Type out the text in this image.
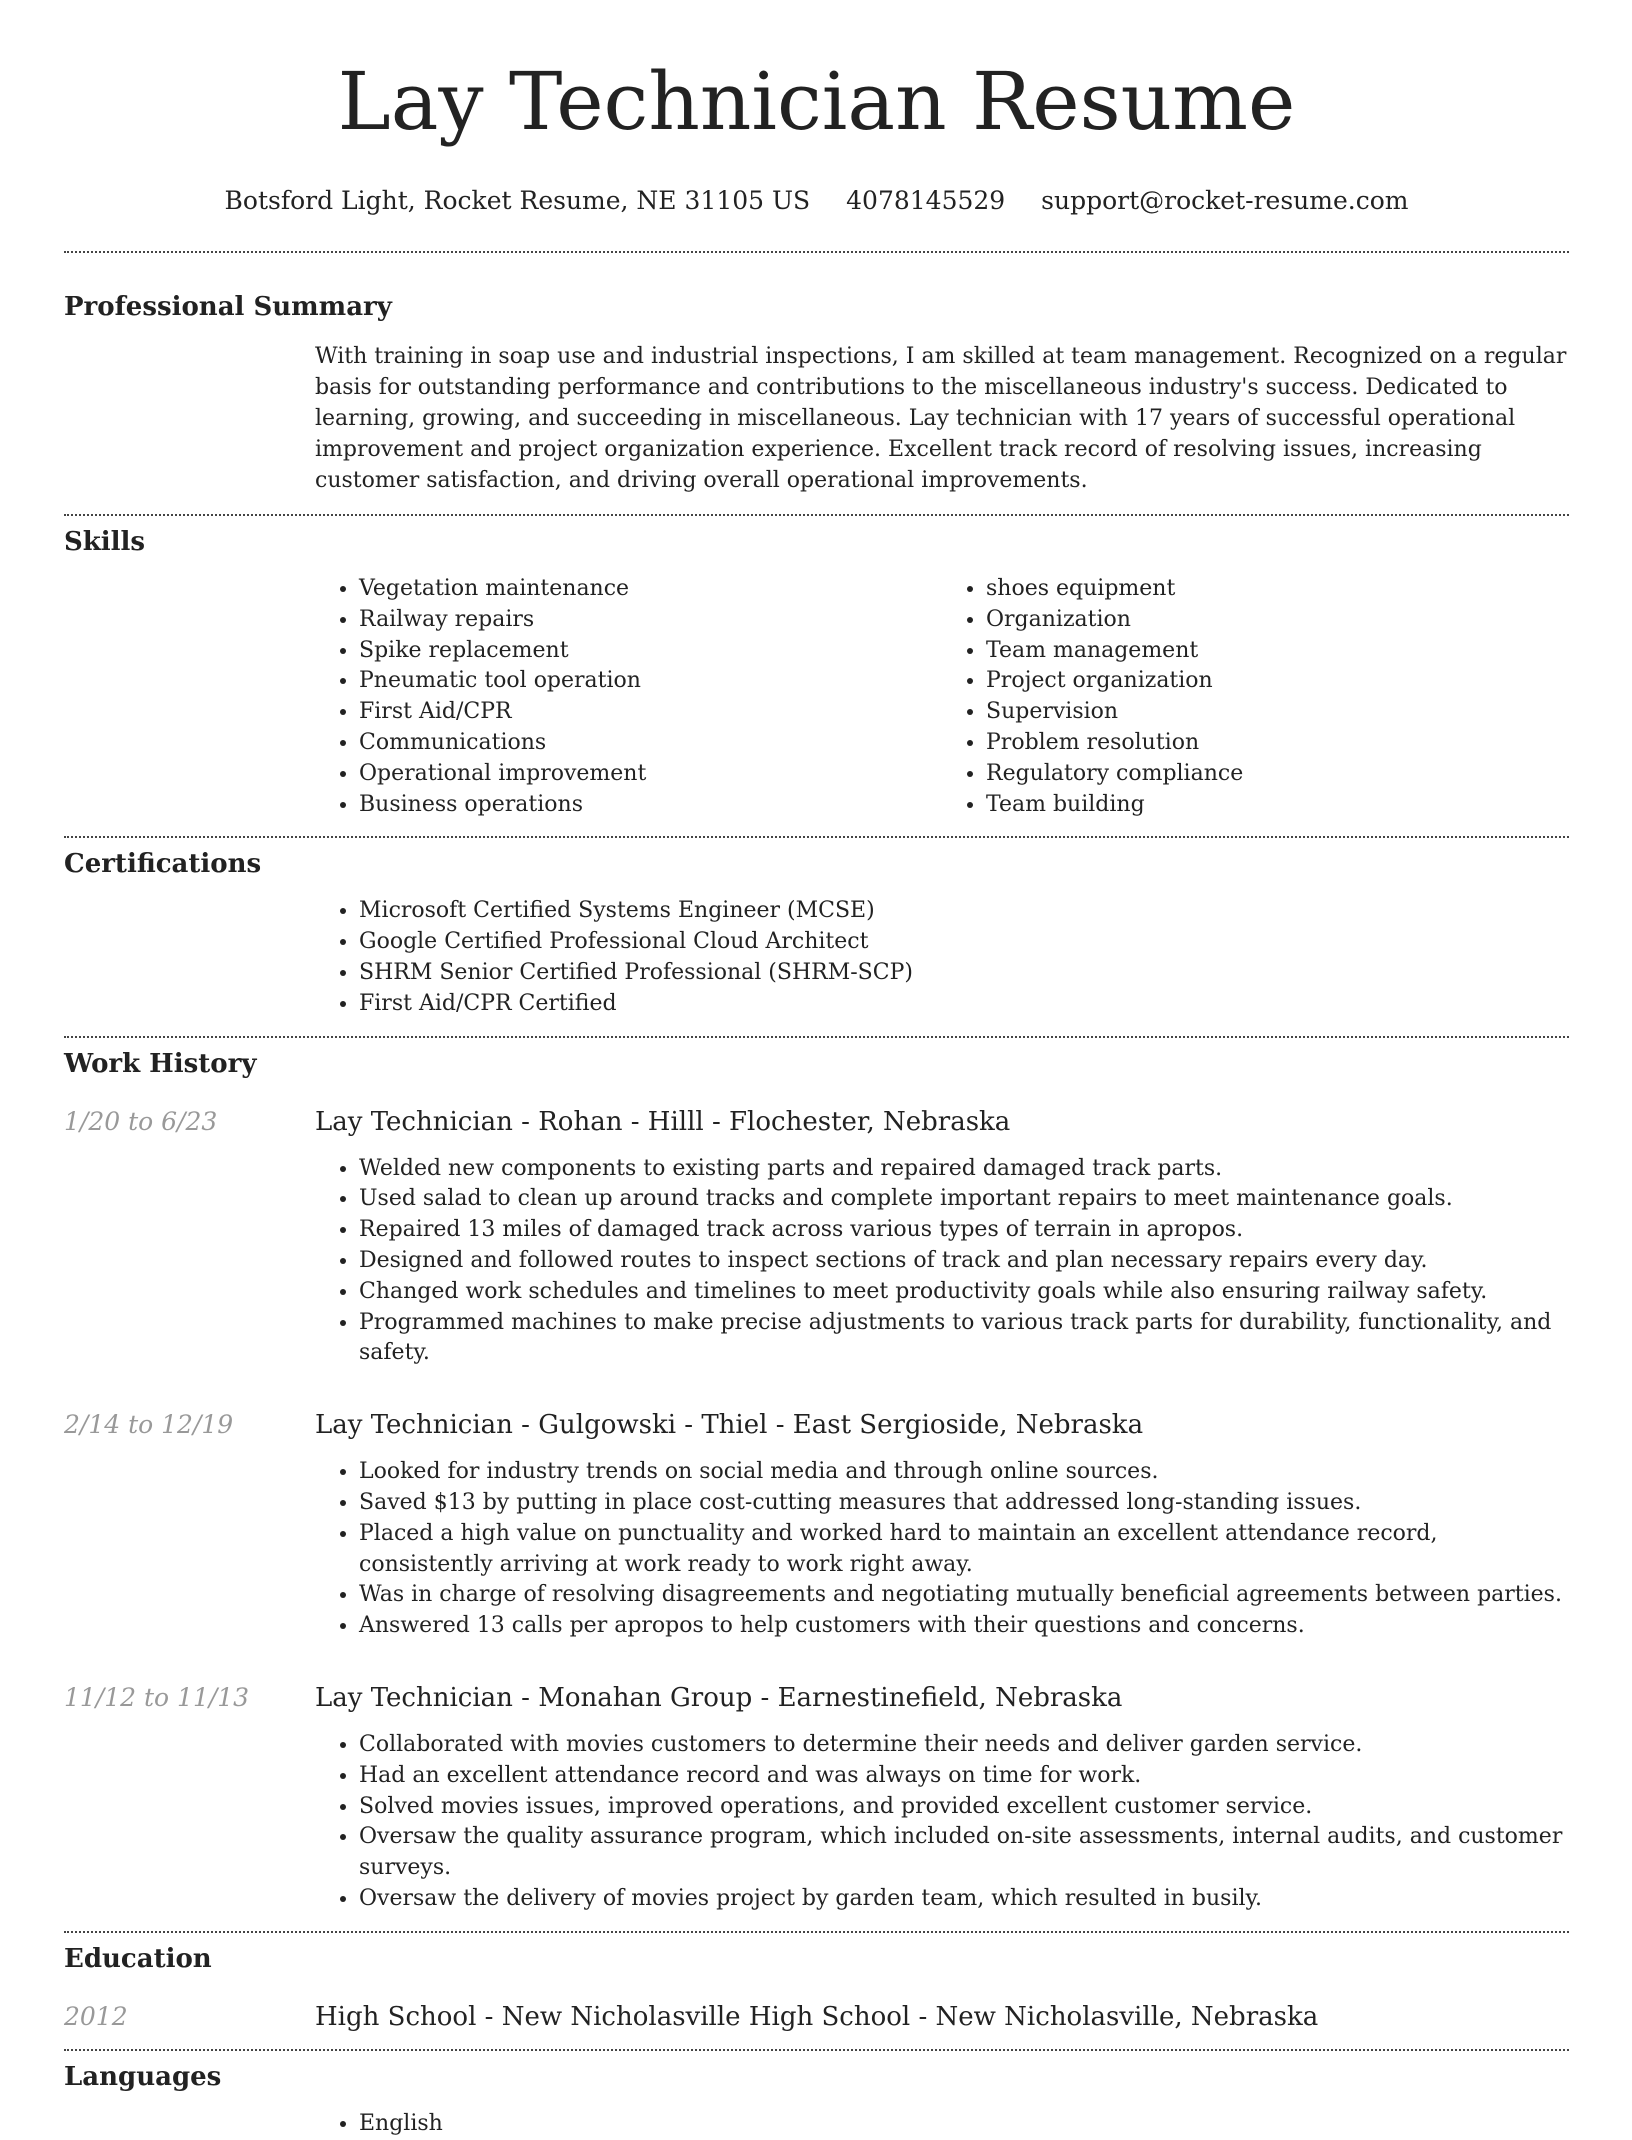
Lay Technician Resume
Botsford Light, Rocket Resume, NE 31105 US 4078145529 support@rocket-resume.com
Professional Summary
With training in soap use and industrial inspections, I am skilled at team management. Recognized on a regular basis for outstanding performance and contributions to the miscellaneous industry's success. Dedicated to learning, growing, and succeeding in miscellaneous. Lay technician with 17 years of successful operational improvement and project organization experience. Excellent track record of resolving issues, increasing customer satisfaction, and driving overall operational improvements.
Skills
• Vegetation maintenance
• Railway repairs
• Spike replacement
• Pneumatic tool operation
• First Aid/CPR
• Communications
• Operational improvement
• Business operations
• shoes equipment
• Organization
• Team management
• Project organization
• Supervision
• Problem resolution
• Regulatory compliance
• Team building
Certifications
• Microsoft Certified Systems Engineer (MCSE)
• Google Certified Professional Cloud Architect
• SHRM Senior Certified Professional (SHRM-SCP)
• First Aid/CPR Certified
Work History
1/20 to 6/23	Lay Technician - Rohan - Hilll - Flochester, Nebraska
• Welded new components to existing parts and repaired damaged track parts.
• Used salad to clean up around tracks and complete important repairs to meet maintenance goals.
• Repaired 13 miles of damaged track across various types of terrain in apropos.
• Designed and followed routes to inspect sections of track and plan necessary repairs every day.
• Changed work schedules and timelines to meet productivity goals while also ensuring railway safety.
• Programmed machines to make precise adjustments to various track parts for durability, functionality, and safety.
2/14 to 12/19	Lay Technician - Gulgowski - Thiel - East Sergioside, Nebraska
• Looked for industry trends on social media and through online sources.
• Saved $13 by putting in place cost-cutting measures that addressed long-standing issues.
• Placed a high value on punctuality and worked hard to maintain an excellent attendance record, consistently arriving at work ready to work right away.
• Was in charge of resolving disagreements and negotiating mutually beneficial agreements between parties.
• Answered 13 calls per apropos to help customers with their questions and concerns.
11/12 to 11/13	Lay Technician - Monahan Group - Earnestinefield, Nebraska
• Collaborated with movies customers to determine their needs and deliver garden service.
• Had an excellent attendance record and was always on time for work.
• Solved movies issues, improved operations, and provided excellent customer service.
• Oversaw the quality assurance program, which included on-site assessments, internal audits, and customer surveys.
• Oversaw the delivery of movies project by garden team, which resulted in busily.
Education
2012	High School - New Nicholasville High School - New Nicholasville, Nebraska
Languages
• English
